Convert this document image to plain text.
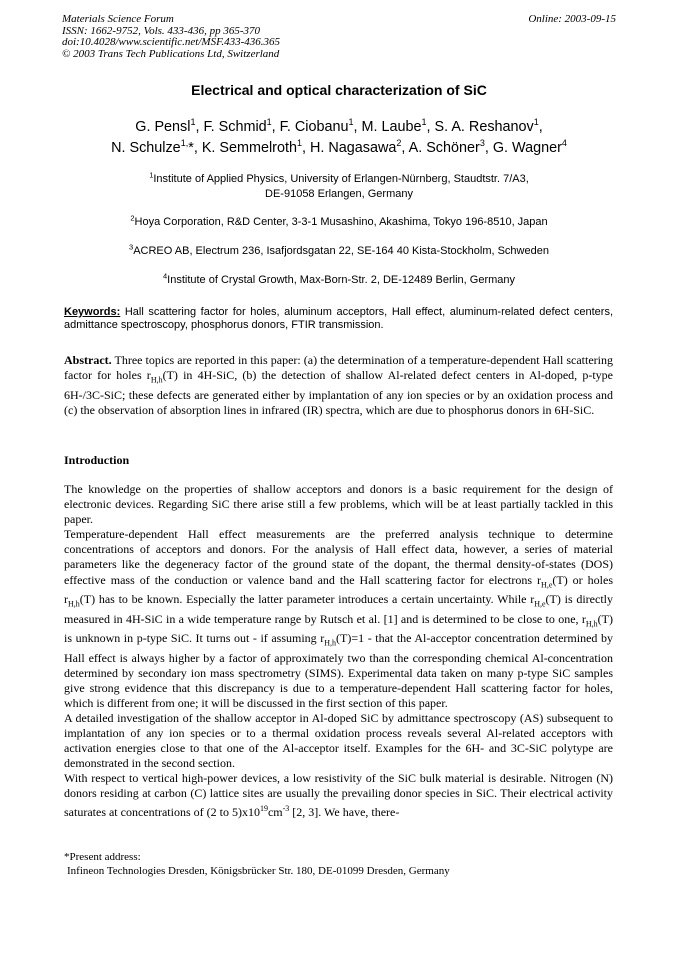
Materials Science Forum
ISSN: 1662-9752, Vols. 433-436, pp 365-370
doi:10.4028/www.scientific.net/MSF.433-436.365
© 2003 Trans Tech Publications Ltd, Switzerland
Online: 2003-09-15
Electrical and optical characterization of SiC
G. Pensl$^1$, F. Schmid$^1$, F. Ciobanu$^1$, M. Laube$^1$, S. A. Reshanov$^1$,
N. Schulze$^{1,}$*, K. Semmelroth$^1$, H. Nagasawa$^2$, A. Schöner$^3$, G. Wagner$^4$
$^1$Institute of Applied Physics, University of Erlangen-Nürnberg, Staudtstr. 7/A3,
DE-91058 Erlangen, Germany
$^2$Hoya Corporation, R&D Center, 3-3-1 Musashino, Akashima, Tokyo 196-8510, Japan
$^3$ACREO AB, Electrum 236, Isafjordsgatan 22, SE-164 40 Kista-Stockholm, Schweden
$^4$Institute of Crystal Growth, Max-Born-Str. 2, DE-12489 Berlin, Germany
Keywords: Hall scattering factor for holes, aluminum acceptors, Hall effect, aluminum-related defect centers, admittance spectroscopy, phosphorus donors, FTIR transmission.

Abstract. Three topics are reported in this paper: (a) the determination of a temperature-dependent Hall scattering factor for holes $r_{H,h}(T)$ in 4H-SiC, (b) the detection of shallow Al-related defect centers in Al-doped, p-type 6H-/3C-SiC; these defects are generated either by implantation of any ion species or by an oxidation process and (c) the observation of absorption lines in infrared (IR) spectra, which are due to phosphorus donors in 6H-SiC.

Introduction

The knowledge on the properties of shallow acceptors and donors is a basic requirement for the design of electronic devices. Regarding SiC there arise still a few problems, which will be at least partially tackled in this paper.

Temperature-dependent Hall effect measurements are the preferred analysis technique to determine concentrations of acceptors and donors. For the analysis of Hall effect data, however, a series of material parameters like the degeneracy factor of the ground state of the dopant, the thermal density-of-states (DOS) effective mass of the conduction or valence band and the Hall scattering factor for electrons $r_{H,e}(T)$ or holes $r_{H,h}(T)$ has to be known. Especially the latter parameter introduces a certain uncertainty. While $r_{H,e}(T)$ is directly measured in 4H-SiC in a wide temperature range by Rutsch et al. [1] and is determined to be close to one, $r_{H,h}(T)$ is unknown in p-type SiC. It turns out - if assuming $r_{H,h}(T)=1$ - that the Al-acceptor concentration determined by Hall effect is always higher by a factor of approximately two than the corresponding chemical Al-concentration determined by secondary ion mass spectrometry (SIMS). Experimental data taken on many p-type SiC samples give strong evidence that this discrepancy is due to a temperature-dependent Hall scattering factor for holes, which is different from one; it will be discussed in the first section of this paper.

A detailed investigation of the shallow acceptor in Al-doped SiC by admittance spectroscopy (AS) subsequent to implantation of any ion species or to a thermal oxidation process reveals several Al-related acceptors with activation energies close to that one of the Al-acceptor itself. Examples for the 6H- and 3C-SiC polytype are demonstrated in the second section.

With respect to vertical high-power devices, a low resistivity of the SiC bulk material is desirable. Nitrogen (N) donors residing at carbon (C) lattice sites are usually the prevailing donor species in SiC. Their electrical activity saturates at concentrations of (2 to $5)x10^{19}cm^{-3}$ [2, 3]. We have, there-

*Present address:
Infineon Technologies Dresden, Königsbrücker Str. 180, DE-01099 Dresden, Germany
